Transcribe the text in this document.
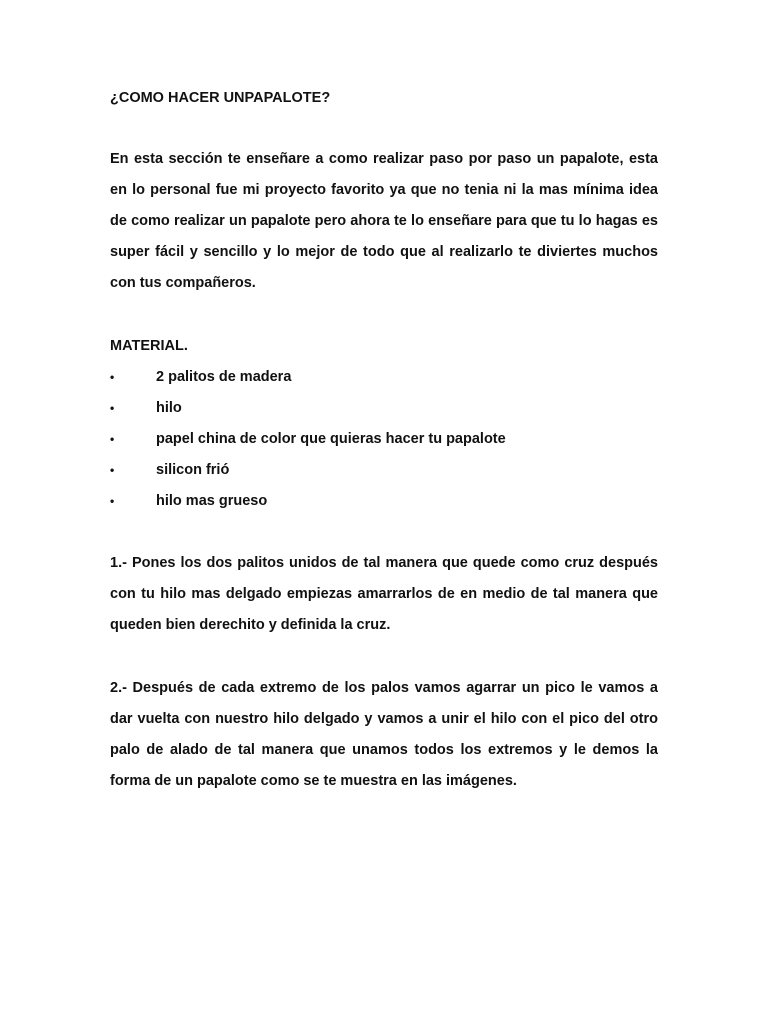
¿COMO HACER UNPAPALOTE?

En esta sección te enseñare a como realizar paso por paso un papalote, esta en lo personal fue mi proyecto favorito ya que no tenia ni la mas mínima idea de como realizar un papalote pero ahora te lo enseñare para que tu lo hagas es super fácil y sencillo y lo mejor de todo que al realizarlo te diviertes muchos con tus compañeros.

MATERIAL.
•	2 palitos de madera
•	hilo
•	papel china de color que quieras hacer tu papalote
•	silicon frió
•	hilo mas grueso

1.- Pones los dos palitos unidos de tal manera que quede como cruz después con tu hilo mas delgado empiezas amarrarlos de en medio de tal manera que queden bien derechito y definida la cruz.

2.- Después de cada extremo de los palos vamos agarrar un pico le vamos a dar vuelta con nuestro hilo delgado y vamos a unir el hilo con el pico del otro palo de alado de tal manera que unamos todos los extremos y le demos la forma de un papalote como se te muestra en las imágenes.
